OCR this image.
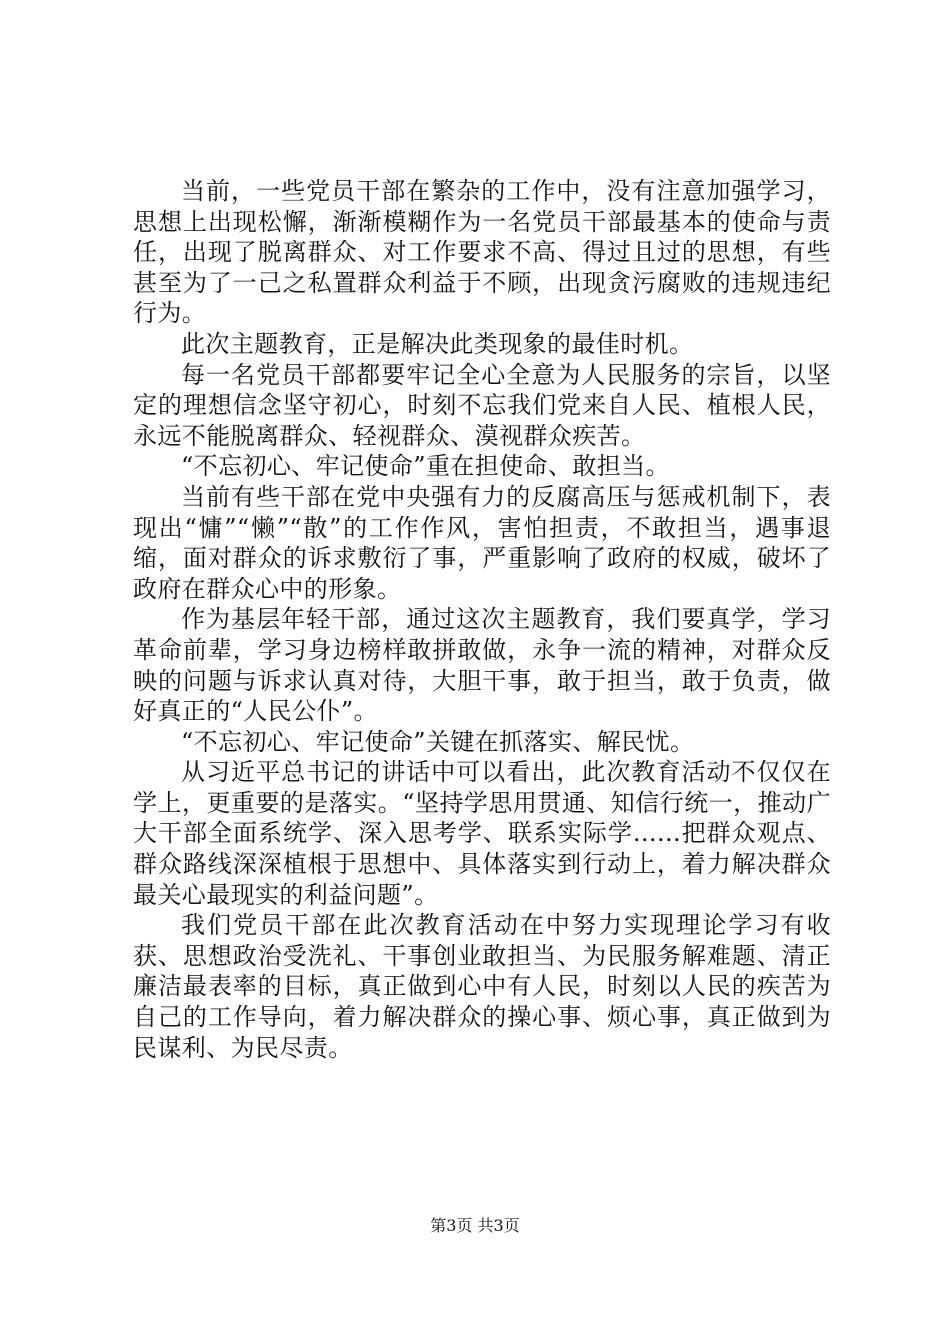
当前，一些党员干部在繁杂的工作中，没有注意加强学习，思想上出现松懈，渐渐模糊作为一名党员干部最基本的使命与责任，出现了脱离群众、对工作要求不高、得过且过的思想，有些甚至为了一己之私置群众利益于不顾，出现贪污腐败的违规违纪行为。

此次主题教育，正是解决此类现象的最佳时机。

每一名党员干部都要牢记全心全意为人民服务的宗旨，以坚定的理想信念坚守初心，时刻不忘我们党来自人民、植根人民，永远不能脱离群众、轻视群众、漠视群众疾苦。

“不忘初心、牢记使命”重在担使命、敢担当。

当前有些干部在党中央强有力的反腐高压与惩戒机制下，表现出“慵”“懒”“散”的工作作风，害怕担责，不敢担当，遇事退缩，面对群众的诉求敷衍了事，严重影响了政府的权威，破坏了政府在群众心中的形象。

作为基层年轻干部，通过这次主题教育，我们要真学，学习革命前辈，学习身边榜样敢拼敢做，永争一流的精神，对群众反映的问题与诉求认真对待，大胆干事，敢于担当，敢于负责，做好真正的“人民公仆”。

“不忘初心、牢记使命”关键在抓落实、解民忧。

从习近平总书记的讲话中可以看出，此次教育活动不仅仅在学上，更重要的是落实。“坚持学思用贯通、知信行统一，推动广大干部全面系统学、深入思考学、联系实际学......把群众观点、群众路线深深植根于思想中、具体落实到行动上，着力解决群众最关心最现实的利益问题”。

我们党员干部在此次教育活动在中努力实现理论学习有收获、思想政治受洗礼、干事创业敢担当、为民服务解难题、清正廉洁最表率的目标，真正做到心中有人民，时刻以人民的疾苦为自己的工作导向，着力解决群众的操心事、烦心事，真正做到为民谋利、为民尽责。

第3页 共3页
